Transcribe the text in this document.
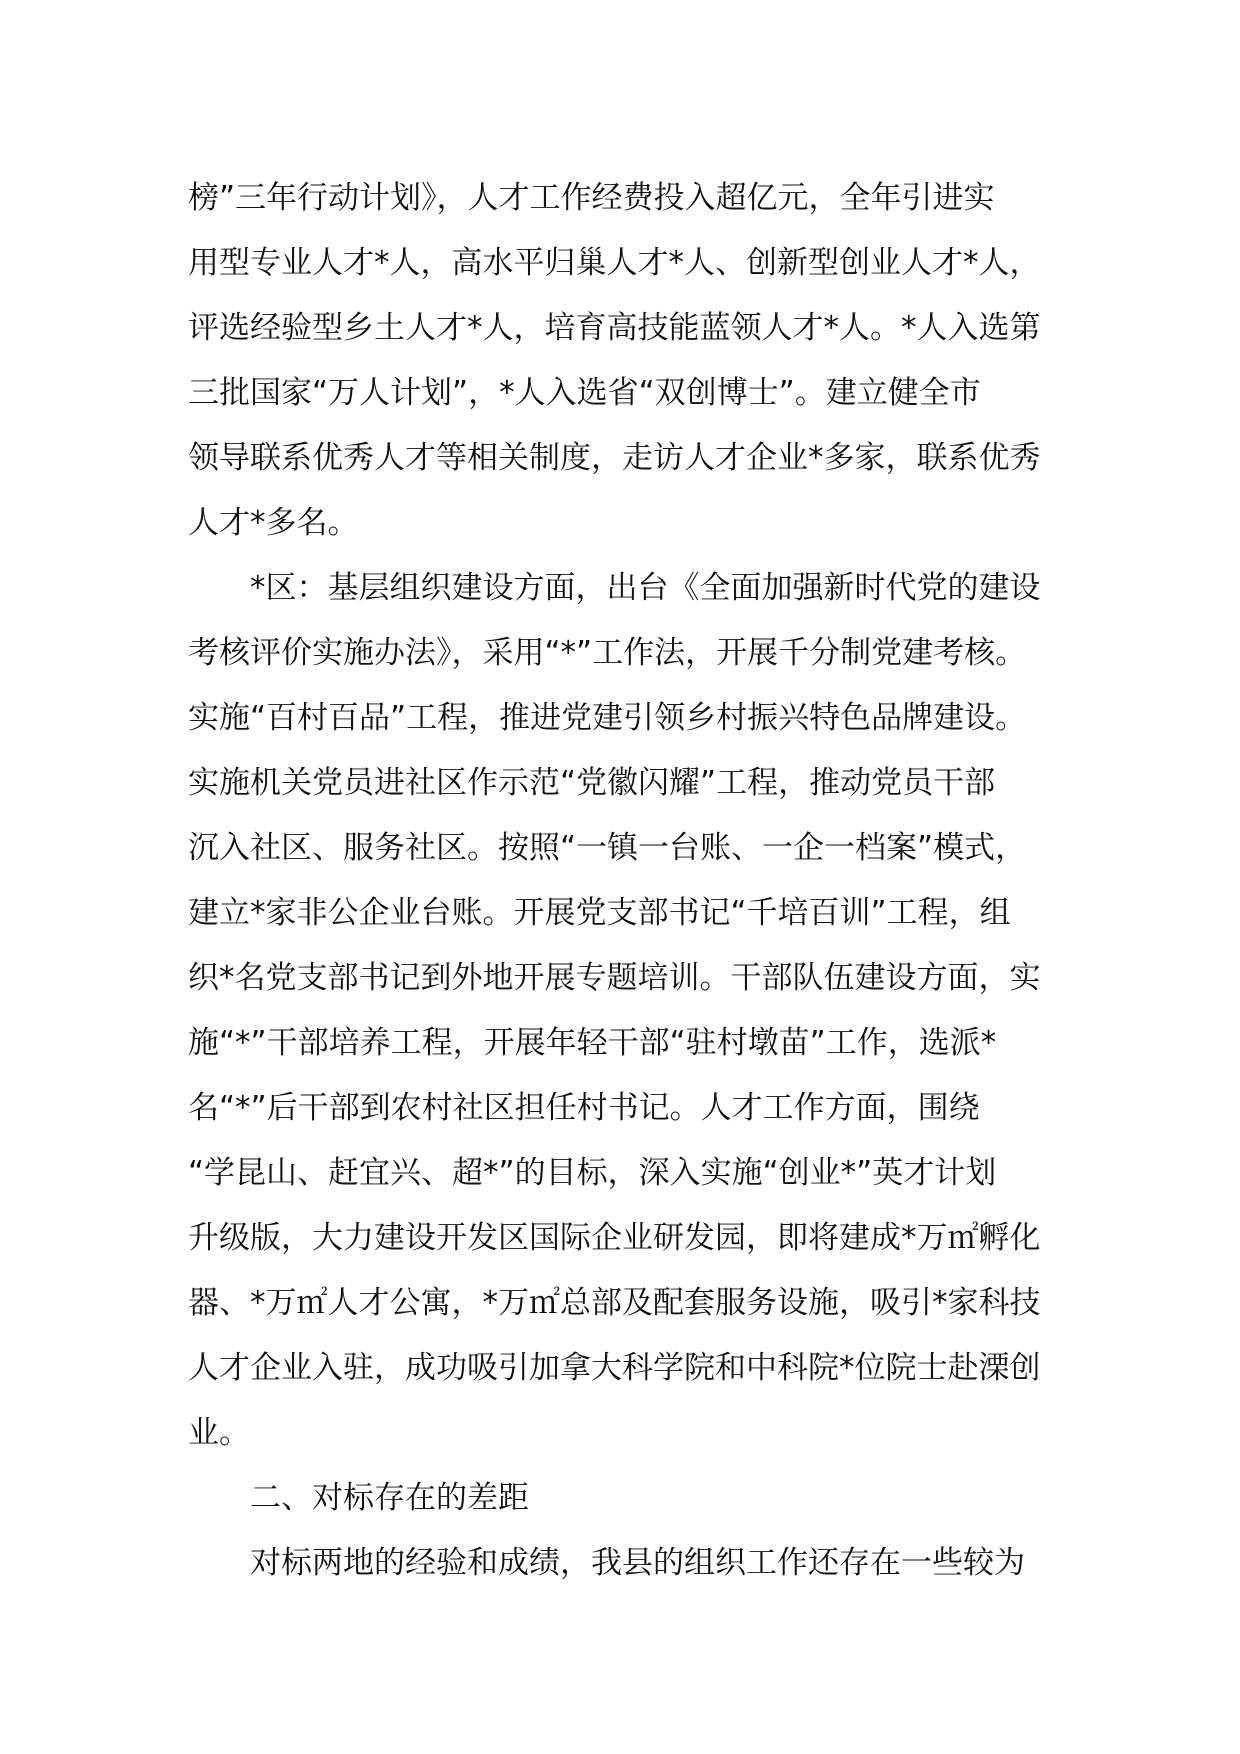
榜”三年行动计划》，人才工作经费投入超亿元，全年引进实
用型专业人才*人，高水平归巢人才*人、创新型创业人才*人，
评选经验型乡土人才*人，培育高技能蓝领人才*人。*人入选第
三批国家“万人计划”，*人入选省“双创博士”。建立健全市
领导联系优秀人才等相关制度，走访人才企业*多家，联系优秀
人才*多名。
*区：基层组织建设方面，出台《全面加强新时代党的建设
考核评价实施办法》，采用“*”工作法，开展千分制党建考核。
实施“百村百品”工程，推进党建引领乡村振兴特色品牌建设。
实施机关党员进社区作示范“党徽闪耀”工程，推动党员干部
沉入社区、服务社区。按照“一镇一台账、一企一档案”模式，
建立*家非公企业台账。开展党支部书记“千培百训”工程，组
织*名党支部书记到外地开展专题培训。干部队伍建设方面，实
施“*”干部培养工程，开展年轻干部“驻村墩苗”工作，选派*
名“*”后干部到农村社区担任村书记。人才工作方面，围绕
“学昆山、赶宜兴、超*”的目标，深入实施“创业*”英才计划
升级版，大力建设开发区国际企业研发园，即将建成*万㎡孵化
器、*万㎡人才公寓，*万㎡总部及配套服务设施，吸引*家科技
人才企业入驻，成功吸引加拿大科学院和中科院*位院士赴溧创
业。
二、对标存在的差距
对标两地的经验和成绩，我县的组织工作还存在一些较为
